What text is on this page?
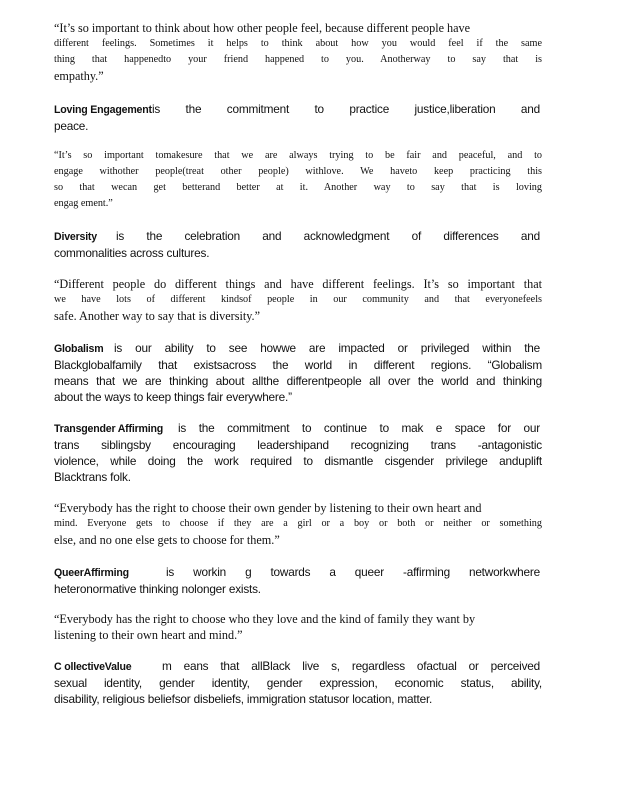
“It’s so important to think about how other people feel, because different people have
different feelings. Sometimes it helps to think about how you would feel if the same
thing that happenedto your friend happened to you. Anotherway to say that is
empathy.”
Loving Engagementis the commitment to practice justice,liberation and
peace.
“It’s so important tomakesure that we are always trying to be fair and peaceful, and to
engage withother people(treat other people) withlove. We haveto keep practicing this
so that wecan get betterand better at it. Another way to say that is loving
engag ement.”
Diversity is the celebration and acknowledgment of differences and
commonalities across cultures.
“Different people do different things and have different feelings. It’s so important that
we have lots of different kindsof people in our community and that everyonefeels
safe. Another way to say that is diversity.”
Globalism is our ability to see howwe are impacted or privileged within the
Blackglobalfamily that existsacross the world in different regions. “Globalism
means that we are thinking about allthe differentpeople all over the world and thinking
about the ways to keep things fair everywhere.”
Transgender Affirming is the commitment to continue to mak e space for our
trans siblingsby encouraging leadershipand recognizing trans -antagonistic
violence, while doing the work required to dismantle cisgender privilege anduplift
Blacktrans folk.
“Everybody has the right to choose their own gender by listening to their own heart and
mind. Everyone gets to choose if they are a girl or a boy or both or neither or something
else, and no one else gets to choose for them.”
QueerAffirming	is workin g towards a queer -affirming networkwhere
heteronormative thinking nolonger exists.
“Everybody has the right to choose who they love and the kind of family they want by
listening to their own heart and mind.”
C ollectiveValue	m eans that allBlack live s, regardless ofactual or perceived
sexual identity, gender identity, gender expression, economic status, ability,
disability, religious beliefsor disbeliefs, immigration statusor location, matter.
